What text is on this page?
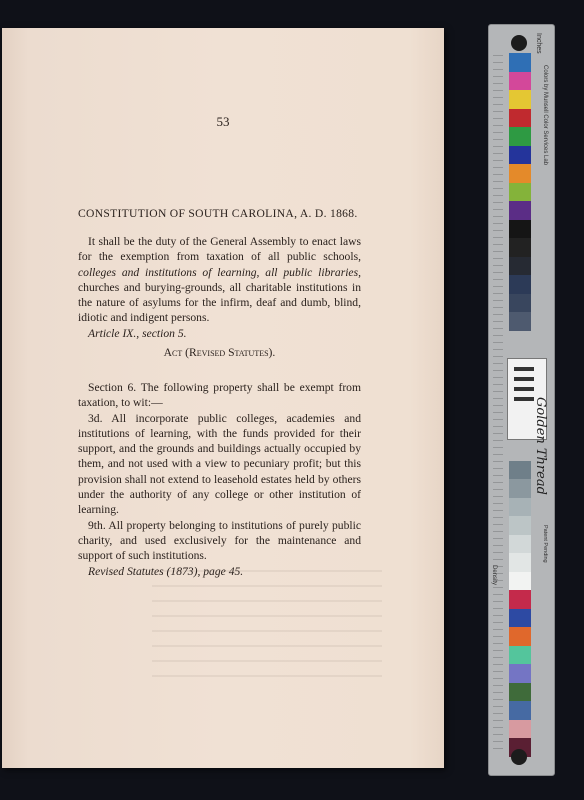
53
CONSTITUTION OF SOUTH CAROLINA, A. D. 1868.
It shall be the duty of the General Assembly to enact laws for the exemption from taxation of all public schools, colleges and institutions of learning, all public libraries, churches and burying-grounds, all charitable institutions in the nature of asylums for the infirm, deaf and dumb, blind, idiotic and indigent persons.
Article IX., section 5.
Act (Revised Statutes).
Section 6. The following property shall be exempt from taxation, to wit:—
3d. All incorporate public colleges, academies and institutions of learning, with the funds provided for their support, and the grounds and buildings actually occupied by them, and not used with a view to pecuniary profit; but this provision shall not extend to leasehold estates held by others under the authority of any college or other institution of learning.
9th. All property belonging to institutions of purely public charity, and used exclusively for the maintenance and support of such institutions.
Revised Statutes (1873), page 45.
Inches
Colors by Munsell Color Services Lab
Golden Thread
Density
Patent Pending
